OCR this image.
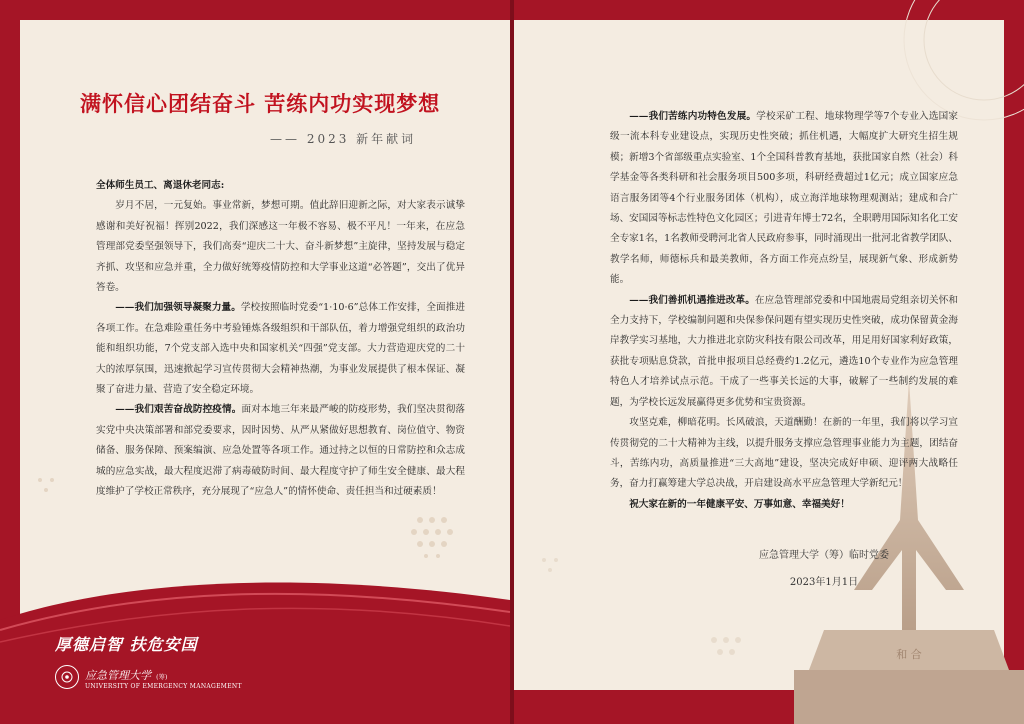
满怀信心团结奋斗 苦练内功实现梦想
—— 2023 新年献词

全体师生员工、离退休老同志:

岁月不居，一元复始。事业常新，梦想可期。值此辞旧迎新之际，对大家表示诚挚感谢和美好祝福！挥别2022，我们深感这一年极不容易、极不平凡！一年来，在应急管理部党委坚强领导下，我们高奏“迎庆二十大、奋斗新梦想”主旋律，坚持发展与稳定齐抓、攻坚和应急并重，全力做好统筹疫情防控和大学事业这道“必答题”，交出了优异答卷。

——我们加强领导凝聚力量。学校按照临时党委“1·10·6”总体工作安排，全面推进各项工作。在急难险重任务中考验锤炼各级组织和干部队伍，着力增强党组织的政治功能和组织功能，7个党支部入选中央和国家机关“四强”党支部。大力营造迎庆党的二十大的浓厚氛围，迅速掀起学习宣传贯彻大会精神热潮，为事业发展提供了根本保证、凝聚了奋进力量、营造了安全稳定环境。

——我们艰苦奋战防控疫情。面对本地三年来最严峻的防疫形势，我们坚决贯彻落实党中央决策部署和部党委要求，因时因势、从严从紧做好思想教育、岗位值守、物资储备、服务保障、预案编演、应急处置等各项工作。通过持之以恒的日常防控和众志成城的应急实战，最大程度迟滞了病毒破防时间、最大程度守护了师生安全健康、最大程度维护了学校正常秩序，充分展现了“应急人”的情怀使命、责任担当和过硬素质！

厚德启智 扶危安国
应急管理大学 (筹)
UNIVERSITY OF EMERGENCY MANAGEMENT
和 合

——我们苦练内功特色发展。学校采矿工程、地球物理学等7个专业入选国家级一流本科专业建设点，实现历史性突破；抓住机遇，大幅度扩大研究生招生规模；新增3个省部级重点实验室、1个全国科普教育基地，获批国家自然（社会）科学基金等各类科研和社会服务项目500多项，科研经费超过1亿元；成立国家应急语言服务团等4个行业服务团体（机构），成立海洋地球物理观测站；建成和合广场、安国园等标志性特色文化园区；引进青年博士72名，全职聘用国际知名化工安全专家1名，1名教师受聘河北省人民政府参事，同时涌现出一批河北省教学团队、教学名师，师德标兵和最美教师，各方面工作亮点纷呈，展现新气象、形成新势能。

——我们善抓机遇推进改革。在应急管理部党委和中国地震局党组亲切关怀和全力支持下，学校编制问题和央保参保问题有望实现历史性突破，成功保留黄金海岸教学实习基地，大力推进北京防灾科技有限公司改革，用足用好国家利好政策，获批专项贴息贷款，首批申报项目总经费约1.2亿元，遴选10个专业作为应急管理特色人才培养试点示范。干成了一些事关长远的大事，破解了一些制约发展的难题，为学校长远发展赢得更多优势和宝贵资源。

攻坚克难，柳暗花明。长风破浪，天道酬勤！在新的一年里，我们将以学习宣传贯彻党的二十大精神为主线，以提升服务支撑应急管理事业能力为主题，团结奋斗，苦练内功，高质量推进“三大高地”建设，坚决完成好申硕、迎评两大战略任务，奋力打赢筹建大学总决战，开启建设高水平应急管理大学新纪元！

祝大家在新的一年健康平安、万事如意、幸福美好！

应急管理大学（筹）临时党委
2023年1月1日
